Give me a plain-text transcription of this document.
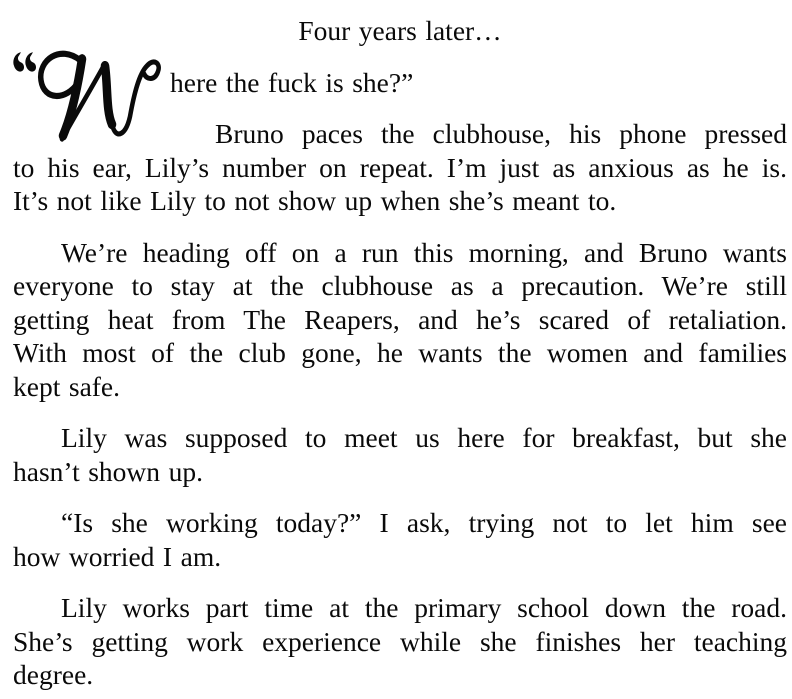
Four years later…
here the fuck is she?”
Bruno paces the clubhouse, his phone pressed
to his ear, Lily’s number on repeat. I’m just as anxious as he is.
It’s not like Lily to not show up when she’s meant to.
We’re heading off on a run this morning, and Bruno wants
everyone to stay at the clubhouse as a precaution. We’re still
getting heat from The Reapers, and he’s scared of retaliation.
With most of the club gone, he wants the women and families
kept safe.
Lily was supposed to meet us here for breakfast, but she
hasn’t shown up.
“Is she working today?” I ask, trying not to let him see
how worried I am.
Lily works part time at the primary school down the road.
She’s getting work experience while she finishes her teaching
degree.
